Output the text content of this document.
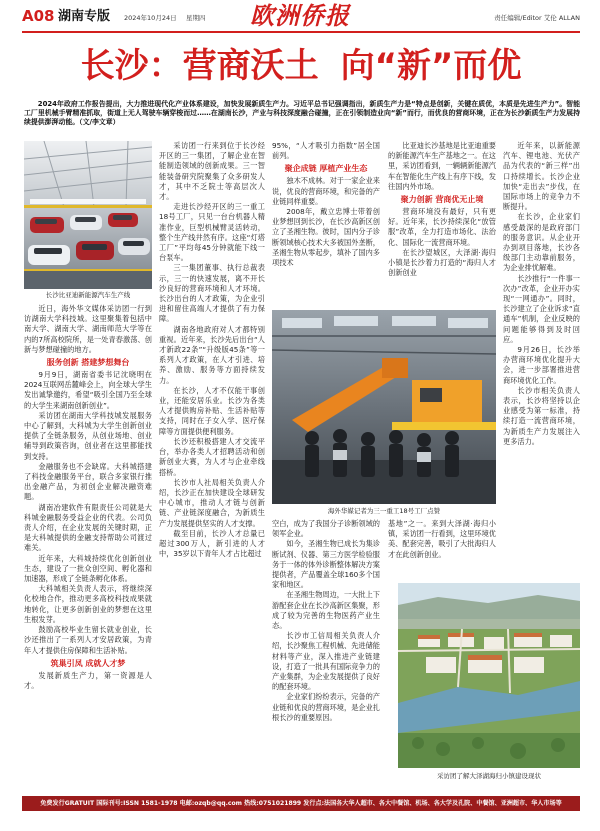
A08 湖南专版 2024年10月24日 星期四	欧洲侨报	责任编辑/Editor 艾伦 ALLAN
长沙：营商沃土 向“新”而优
2024年政府工作报告提出，大力推进现代化产业体系建设，加快发展新质生产力。习近平总书记强调指出，新质生产力是“特点是创新，关键在质优，本质是先进生产力”。智能工厂里机械手臂精准抓取，街道上无人驾驶车辆穿梭而过……在湖南长沙，产业与科技深度融合碰撞，正在引领制造业向“新”而行，而优良的营商环境，正在为长沙新质生产力发展持续提供澎湃动能。（文/李文章）
长沙比亚迪新能源汽车生产线

近日，海外华文媒体采访团一行到访湖南大学科技城。这里聚集着包括中南大学、湖南大学、湖南师范大学等在内的7所高校院所，是一处青春激荡、创新与梦想碰撞的地方。

服务创新 搭建梦想舞台

9月9日，湖南省委书记沈晓明在2024互联网岳麓峰会上，向全球大学生发出诚挚邀约，希望“吸引全国乃至全球的大学生来湖南创新创业”。

采访团在湖南大学科技城发展服务中心了解到，大科城为大学生创新创业提供了全链条服务，从创业场地、创业辅导到政策咨询，创业者在这里都能找到支持。

金融服务也不会缺席。大科城搭建了科技金融服务平台，联合多家银行推出金融产品，为初创企业解决融资难题。

湖南冶建软件有限责任公司就是大科城金融服务受益企业的代表。公司负责人介绍，在企业发展的关键时期，正是大科城提供的金融支持帮助公司渡过难关。

近年来，大科城持续优化创新创业生态，建设了一批众创空间、孵化器和加速器，形成了全链条孵化体系。

大科城相关负责人表示，将继续深化校地合作，推动更多高校科技成果就地转化，让更多创新创业的梦想在这里生根发芽。

鼓励高校毕业生留长就业创业，长沙还推出了一系列人才安居政策，为青年人才提供住房保障和生活补贴。

筑巢引凤 成就人才梦

发展新质生产力，第一资源是人才。

采访团一行来到位于长沙经开区的三一集团，了解企业在智能制造领域的创新成果。三一智能装备研究院聚集了众多研发人才，其中不乏院士等高层次人才。

走进长沙经开区的三一重工18号工厂，只见一台台机器人精准作业，巨型机械臂灵活转动，整个生产线井然有序。这座“灯塔工厂”平均每45分钟就能下线一台泵车。

三一集团董事、执行总裁表示，三一的快速发展，离不开长沙良好的营商环境和人才环境。长沙出台的人才政策，为企业引进和留住高端人才提供了有力保障。

湖南各地政府对人才都特别重视。近年来，长沙先后出台“人才新政22条”“升级版45条”等一系列人才政策，在人才引进、培养、激励、服务等方面持续发力。

在长沙，人才不仅能干事创业，还能安居乐业。长沙为各类人才提供购房补贴、生活补贴等支持，同时在子女入学、医疗保障等方面提供便利服务。

长沙还积极搭建人才交流平台，举办各类人才招聘活动和创新创业大赛，为人才与企业牵线搭桥。

长沙市人社局相关负责人介绍，长沙正在加快建设全球研发中心城市，推动人才链与创新链、产业链深度融合，为新质生产力发展提供坚实的人才支撑。

截至目前，长沙人才总量已超过300万人，新引进的人才中，35岁以下青年人才占比超过

95%，“人才吸引力指数”居全国前列。

聚企成链 厚植产业生态

独木不成林。对于一家企业来说，优良的营商环境，和完备的产业链同样重要。

2008年，戴立忠博士带着创业梦想回到长沙，在长沙高新区创立了圣湘生物。彼时，国内分子诊断领域核心技术大多被国外垄断，圣湘生物从零起步，填补了国内多项技术

比亚迪长沙基地是比亚迪重要的新能源汽车生产基地之一。在这里，采访团看到，一辆辆新能源汽车在智能化生产线上有序下线，发往国内外市场。

聚力创新 营商优无止境

营商环境没有最好，只有更好。近年来，长沙持续深化“放管服”改革，全力打造市场化、法治化、国际化一流营商环境。

在长沙望城区，大泽湖·海归小镇是长沙着力打造的“海归人才创新创业

近年来，以新能源汽车、锂电池、光伏产品为代表的“新三样”出口持续增长。长沙企业加快“走出去”步伐，在国际市场上的竞争力不断提升。

在长沙，企业家们感受最深的是政府部门的服务意识。从企业开办到项目落地，长沙各级部门主动靠前服务，为企业排忧解难。

长沙推行“一件事一次办”改革，企业开办实现“一网通办”。同时，长沙建立了企业诉求“直通车”机制，企业反映的问题能够得到及时回应。

9月26日，长沙举办营商环境优化提升大会，进一步部署推进营商环境优化工作。

长沙市相关负责人表示，长沙将坚持以企业感受为第一标准，持续打造一流营商环境，为新质生产力发展注入更多活力。

海外华媒记者为三一重工18号工厂点赞

空白，成为了我国分子诊断领域的领军企业。

如今，圣湘生物已成长为集诊断试剂、仪器、第三方医学检验服务于一体的体外诊断整体解决方案提供者，产品覆盖全球160多个国家和地区。

在圣湘生物周边，一大批上下游配套企业在长沙高新区集聚，形成了较为完善的生物医药产业生态。

长沙市工信局相关负责人介绍，长沙聚焦工程机械、先进储能材料等产业，深入推进产业链建设，打造了一批具有国际竞争力的产业集群，为企业发展提供了良好的配套环境。

企业家们纷纷表示，完备的产业链和优良的营商环境，是企业扎根长沙的重要原因。

基地”之一。来到大泽湖·海归小镇，采访团一行看到，这里环境优美、配套完善，吸引了大批海归人才在此创新创业。

采访团了解大泽湖海归小镇建设现状
免费发行GRATUIT 国际刊号:ISSN 1581-1978 电邮:ozqb@qq.com 热线:0751021899 发行点:法国各大华人超市、各大中餐馆、机场、各大学及孔院、中餐馆、亚洲超市、华人市场等
